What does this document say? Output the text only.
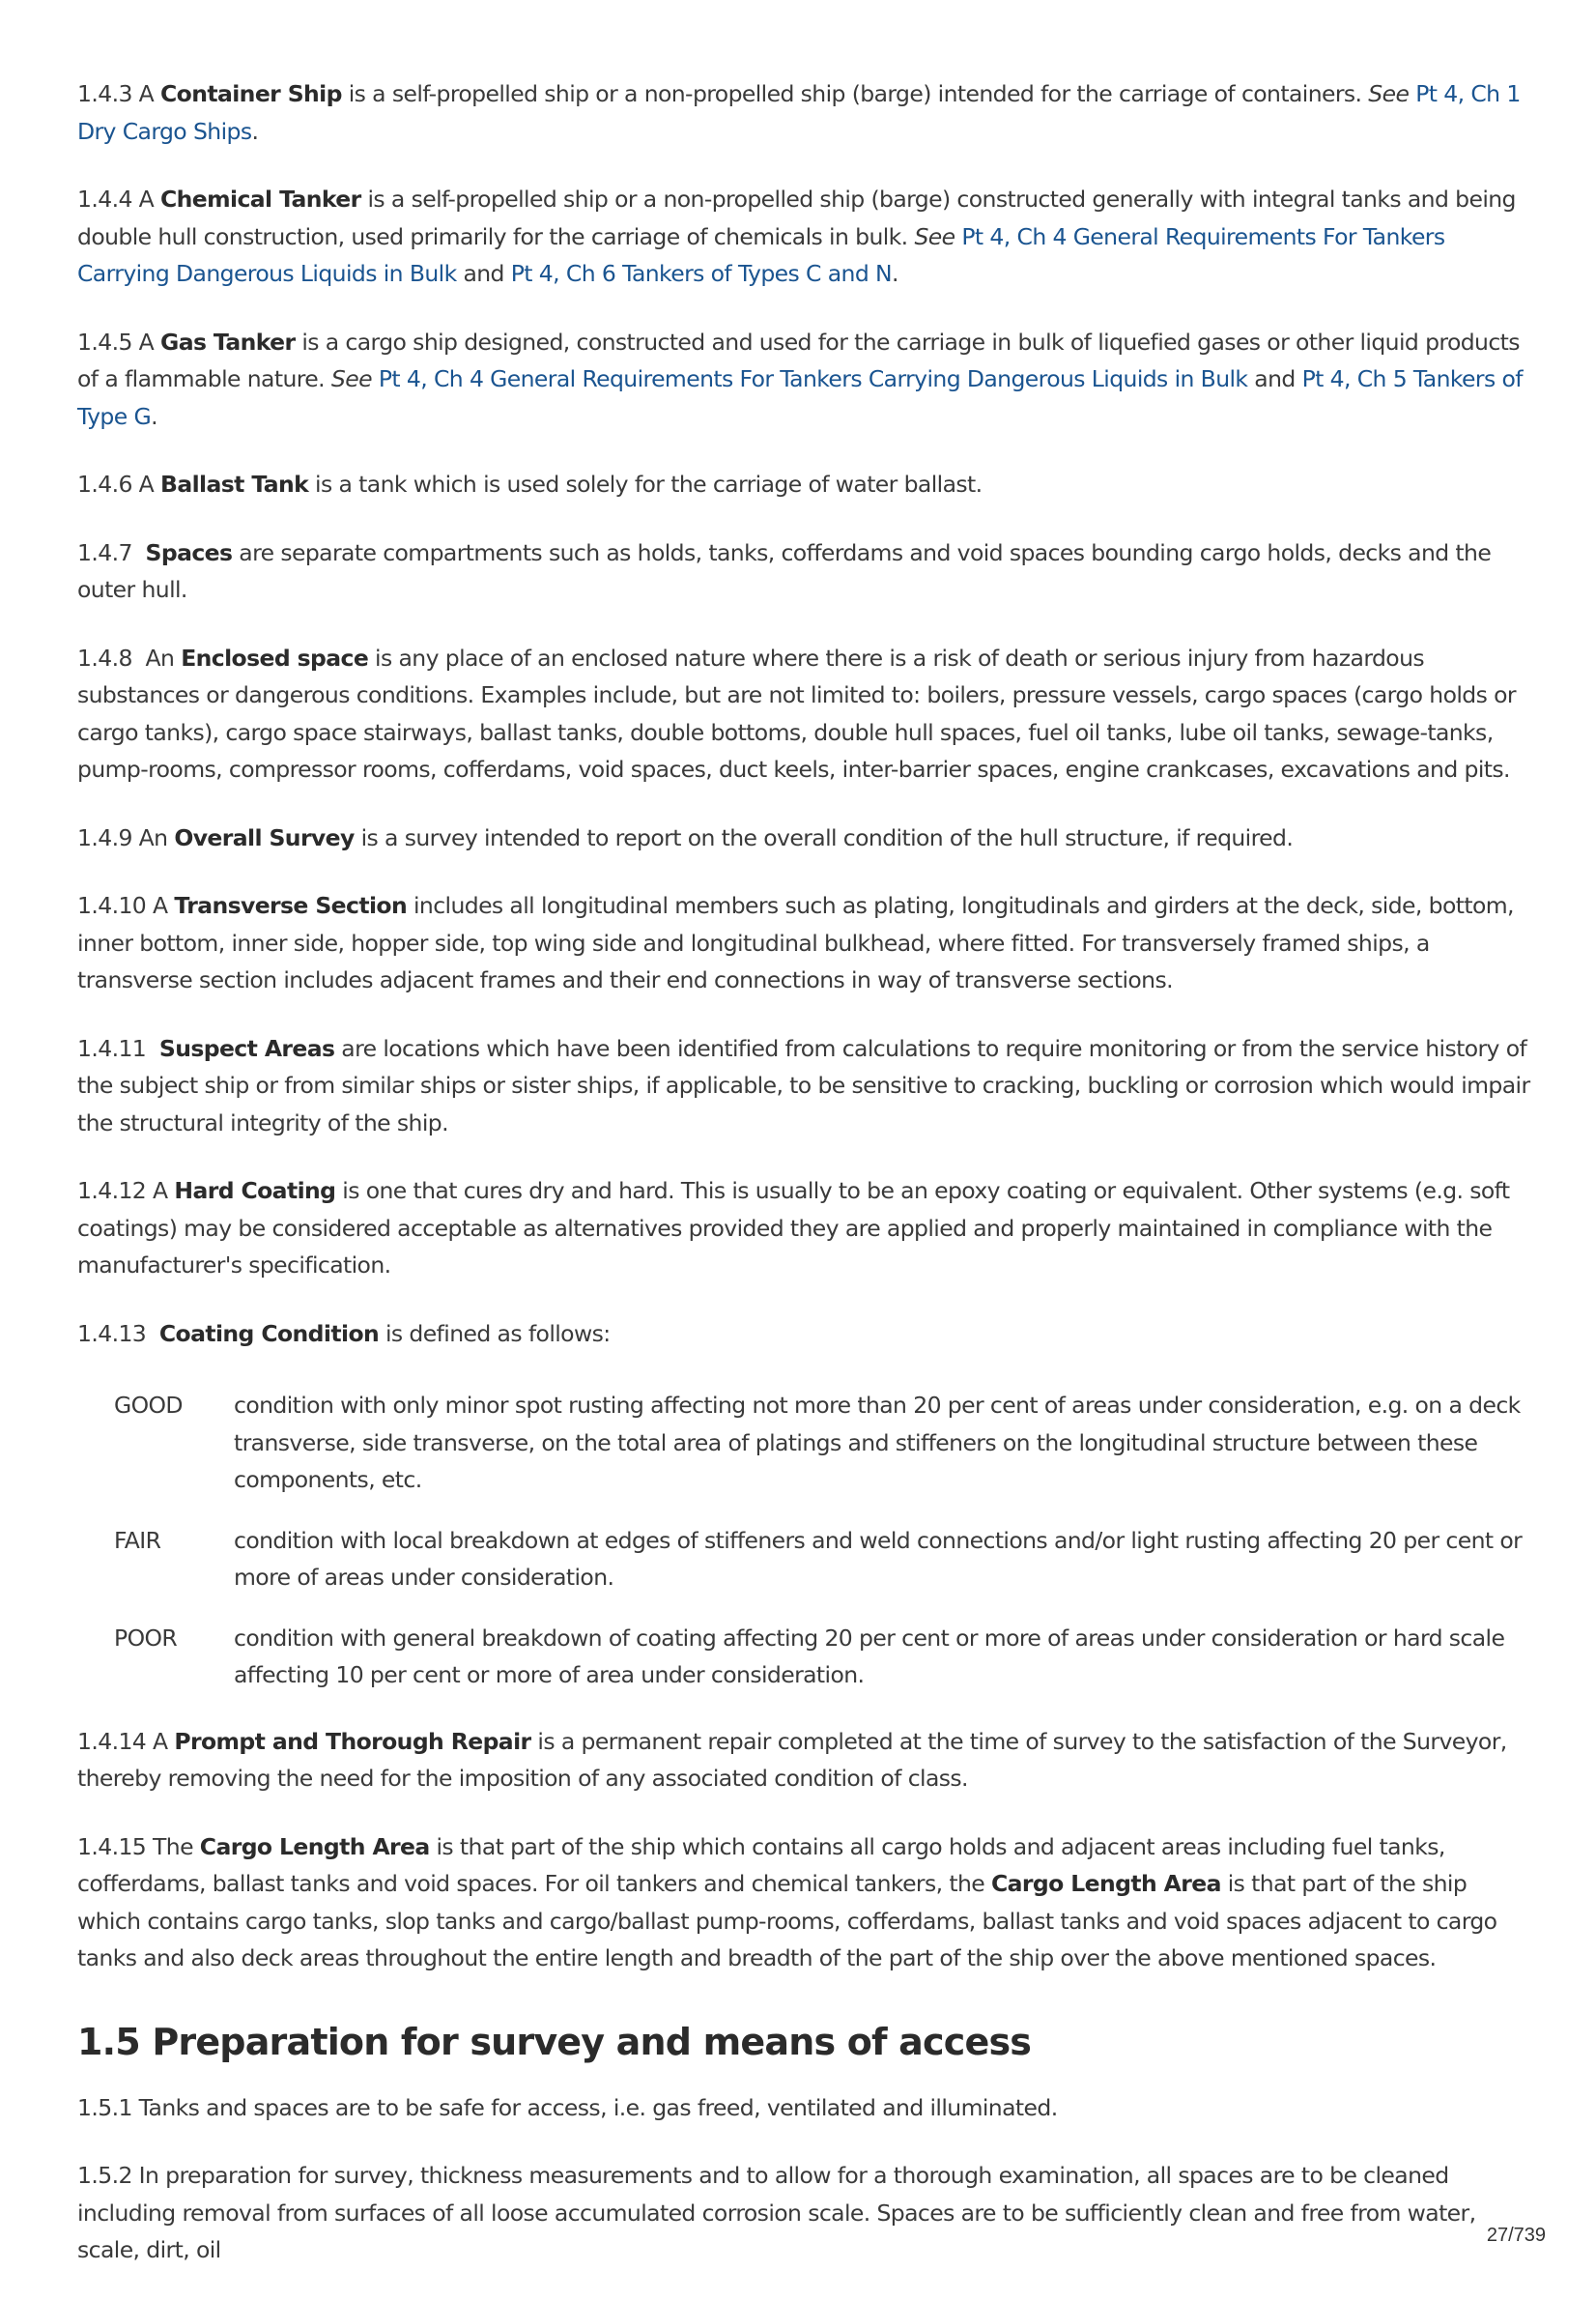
1.4.3 A Container Ship is a self-propelled ship or a non-propelled ship (barge) intended for the carriage of containers. See Pt 4, Ch 1 Dry Cargo Ships.

1.4.4 A Chemical Tanker is a self-propelled ship or a non-propelled ship (barge) constructed generally with integral tanks and being double hull construction, used primarily for the carriage of chemicals in bulk. See Pt 4, Ch 4 General Requirements For Tankers Carrying Dangerous Liquids in Bulk and Pt 4, Ch 6 Tankers of Types C and N.

1.4.5 A Gas Tanker is a cargo ship designed, constructed and used for the carriage in bulk of liquefied gases or other liquid products of a flammable nature. See Pt 4, Ch 4 General Requirements For Tankers Carrying Dangerous Liquids in Bulk and Pt 4, Ch 5 Tankers of Type G.

1.4.6 A Ballast Tank is a tank which is used solely for the carriage of water ballast.

1.4.7  Spaces are separate compartments such as holds, tanks, cofferdams and void spaces bounding cargo holds, decks and the outer hull.

1.4.8  An Enclosed space is any place of an enclosed nature where there is a risk of death or serious injury from hazardous substances or dangerous conditions. Examples include, but are not limited to: boilers, pressure vessels, cargo spaces (cargo holds or cargo tanks), cargo space stairways, ballast tanks, double bottoms, double hull spaces, fuel oil tanks, lube oil tanks, sewage-tanks, pump-rooms, compressor rooms, cofferdams, void spaces, duct keels, inter-barrier spaces, engine crankcases, excavations and pits.

1.4.9 An Overall Survey is a survey intended to report on the overall condition of the hull structure, if required.

1.4.10 A Transverse Section includes all longitudinal members such as plating, longitudinals and girders at the deck, side, bottom, inner bottom, inner side, hopper side, top wing side and longitudinal bulkhead, where fitted. For transversely framed ships, a transverse section includes adjacent frames and their end connections in way of transverse sections.

1.4.11  Suspect Areas are locations which have been identified from calculations to require monitoring or from the service history of the subject ship or from similar ships or sister ships, if applicable, to be sensitive to cracking, buckling or corrosion which would impair the structural integrity of the ship.

1.4.12 A Hard Coating is one that cures dry and hard. This is usually to be an epoxy coating or equivalent. Other systems (e.g. soft coatings) may be considered acceptable as alternatives provided they are applied and properly maintained in compliance with the manufacturer's specification.

1.4.13  Coating Condition is defined as follows:

GOOD	condition with only minor spot rusting affecting not more than 20 per cent of areas under consideration, e.g. on a deck transverse, side transverse, on the total area of platings and stiffeners on the longitudinal structure between these components, etc.
FAIR	condition with local breakdown at edges of stiffeners and weld connections and/or light rusting affecting 20 per cent or more of areas under consideration.
POOR	condition with general breakdown of coating affecting 20 per cent or more of areas under consideration or hard scale affecting 10 per cent or more of area under consideration.

1.4.14 A Prompt and Thorough Repair is a permanent repair completed at the time of survey to the satisfaction of the Surveyor, thereby removing the need for the imposition of any associated condition of class.

1.4.15 The Cargo Length Area is that part of the ship which contains all cargo holds and adjacent areas including fuel tanks, cofferdams, ballast tanks and void spaces. For oil tankers and chemical tankers, the Cargo Length Area is that part of the ship which contains cargo tanks, slop tanks and cargo/ballast pump-rooms, cofferdams, ballast tanks and void spaces adjacent to cargo tanks and also deck areas throughout the entire length and breadth of the part of the ship over the above mentioned spaces.

1.5 Preparation for survey and means of access

1.5.1 Tanks and spaces are to be safe for access, i.e. gas freed, ventilated and illuminated.

1.5.2 In preparation for survey, thickness measurements and to allow for a thorough examination, all spaces are to be cleaned including removal from surfaces of all loose accumulated corrosion scale. Spaces are to be sufficiently clean and free from water, scale, dirt, oil

27/739
